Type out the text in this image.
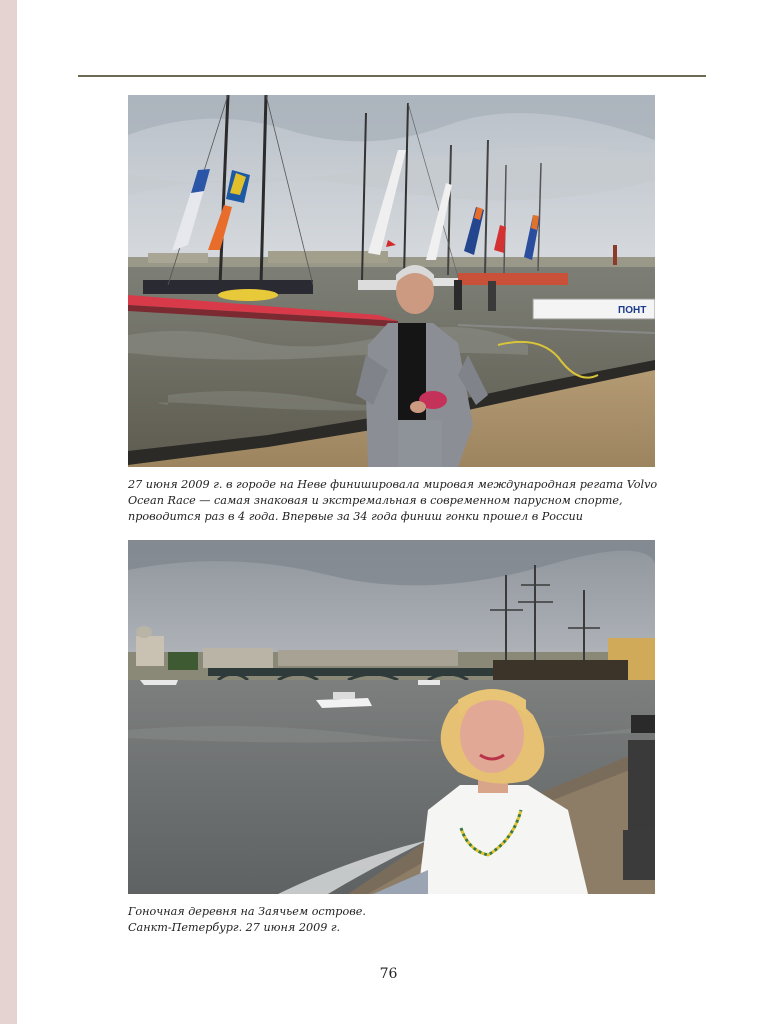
ПОНТ
27 июня 2009 г. в городе на Неве финишировала мировая международная регата Volvo Ocean Race — самая знаковая и экстремальная в современном парусном спорте, проводится раз в 4 года. Впервые за 34 года финиш гонки прошел в России
Гоночная деревня на Заячьем острове.
Санкт-Петербург. 27 июня 2009 г.
76
